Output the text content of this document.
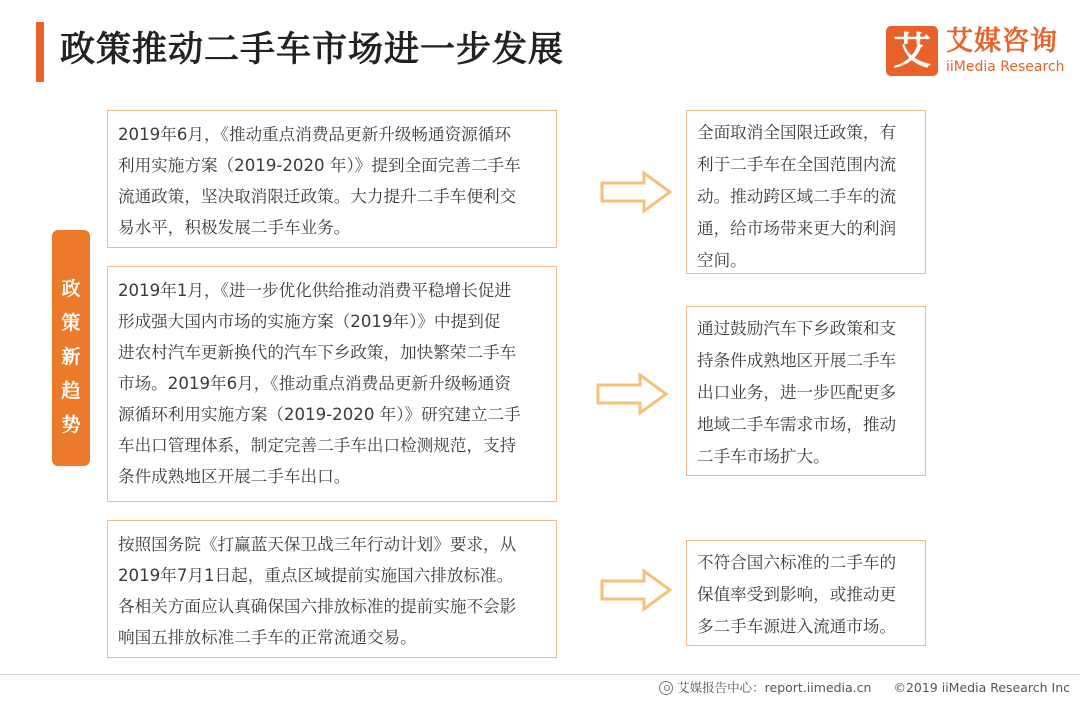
政策推动二手车市场进一步发展	艾 艾媒咨询
iiMedia Research
政
策
新
趋
势
2019年6月，《推动重点消费品更新升级畅通资源循环
利用实施方案（2019-2020 年）》提到全面完善二手车
流通政策，坚决取消限迁政策。大力提升二手车便利交
易水平，积极发展二手车业务。
全面取消全国限迁政策，有
利于二手车在全国范围内流
动。推动跨区域二手车的流
通，给市场带来更大的利润
空间。
2019年1月，《进一步优化供给推动消费平稳增长促进
形成强大国内市场的实施方案（2019年）》中提到促
进农村汽车更新换代的汽车下乡政策，加快繁荣二手车
市场。2019年6月，《推动重点消费品更新升级畅通资
源循环利用实施方案（2019-2020 年）》研究建立二手
车出口管理体系，制定完善二手车出口检测规范，支持
条件成熟地区开展二手车出口。
通过鼓励汽车下乡政策和支
持条件成熟地区开展二手车
出口业务，进一步匹配更多
地域二手车需求市场，推动
二手车市场扩大。
按照国务院《打赢蓝天保卫战三年行动计划》要求，从
2019年7月1日起，重点区域提前实施国六排放标准。
各相关方面应认真确保国六排放标准的提前实施不会影
响国五排放标准二手车的正常流通交易。
不符合国六标准的二手车的
保值率受到影响，或推动更
多二手车源进入流通市场。
艾媒报告中心：report.iimedia.cn ©2019 iiMedia Research Inc
